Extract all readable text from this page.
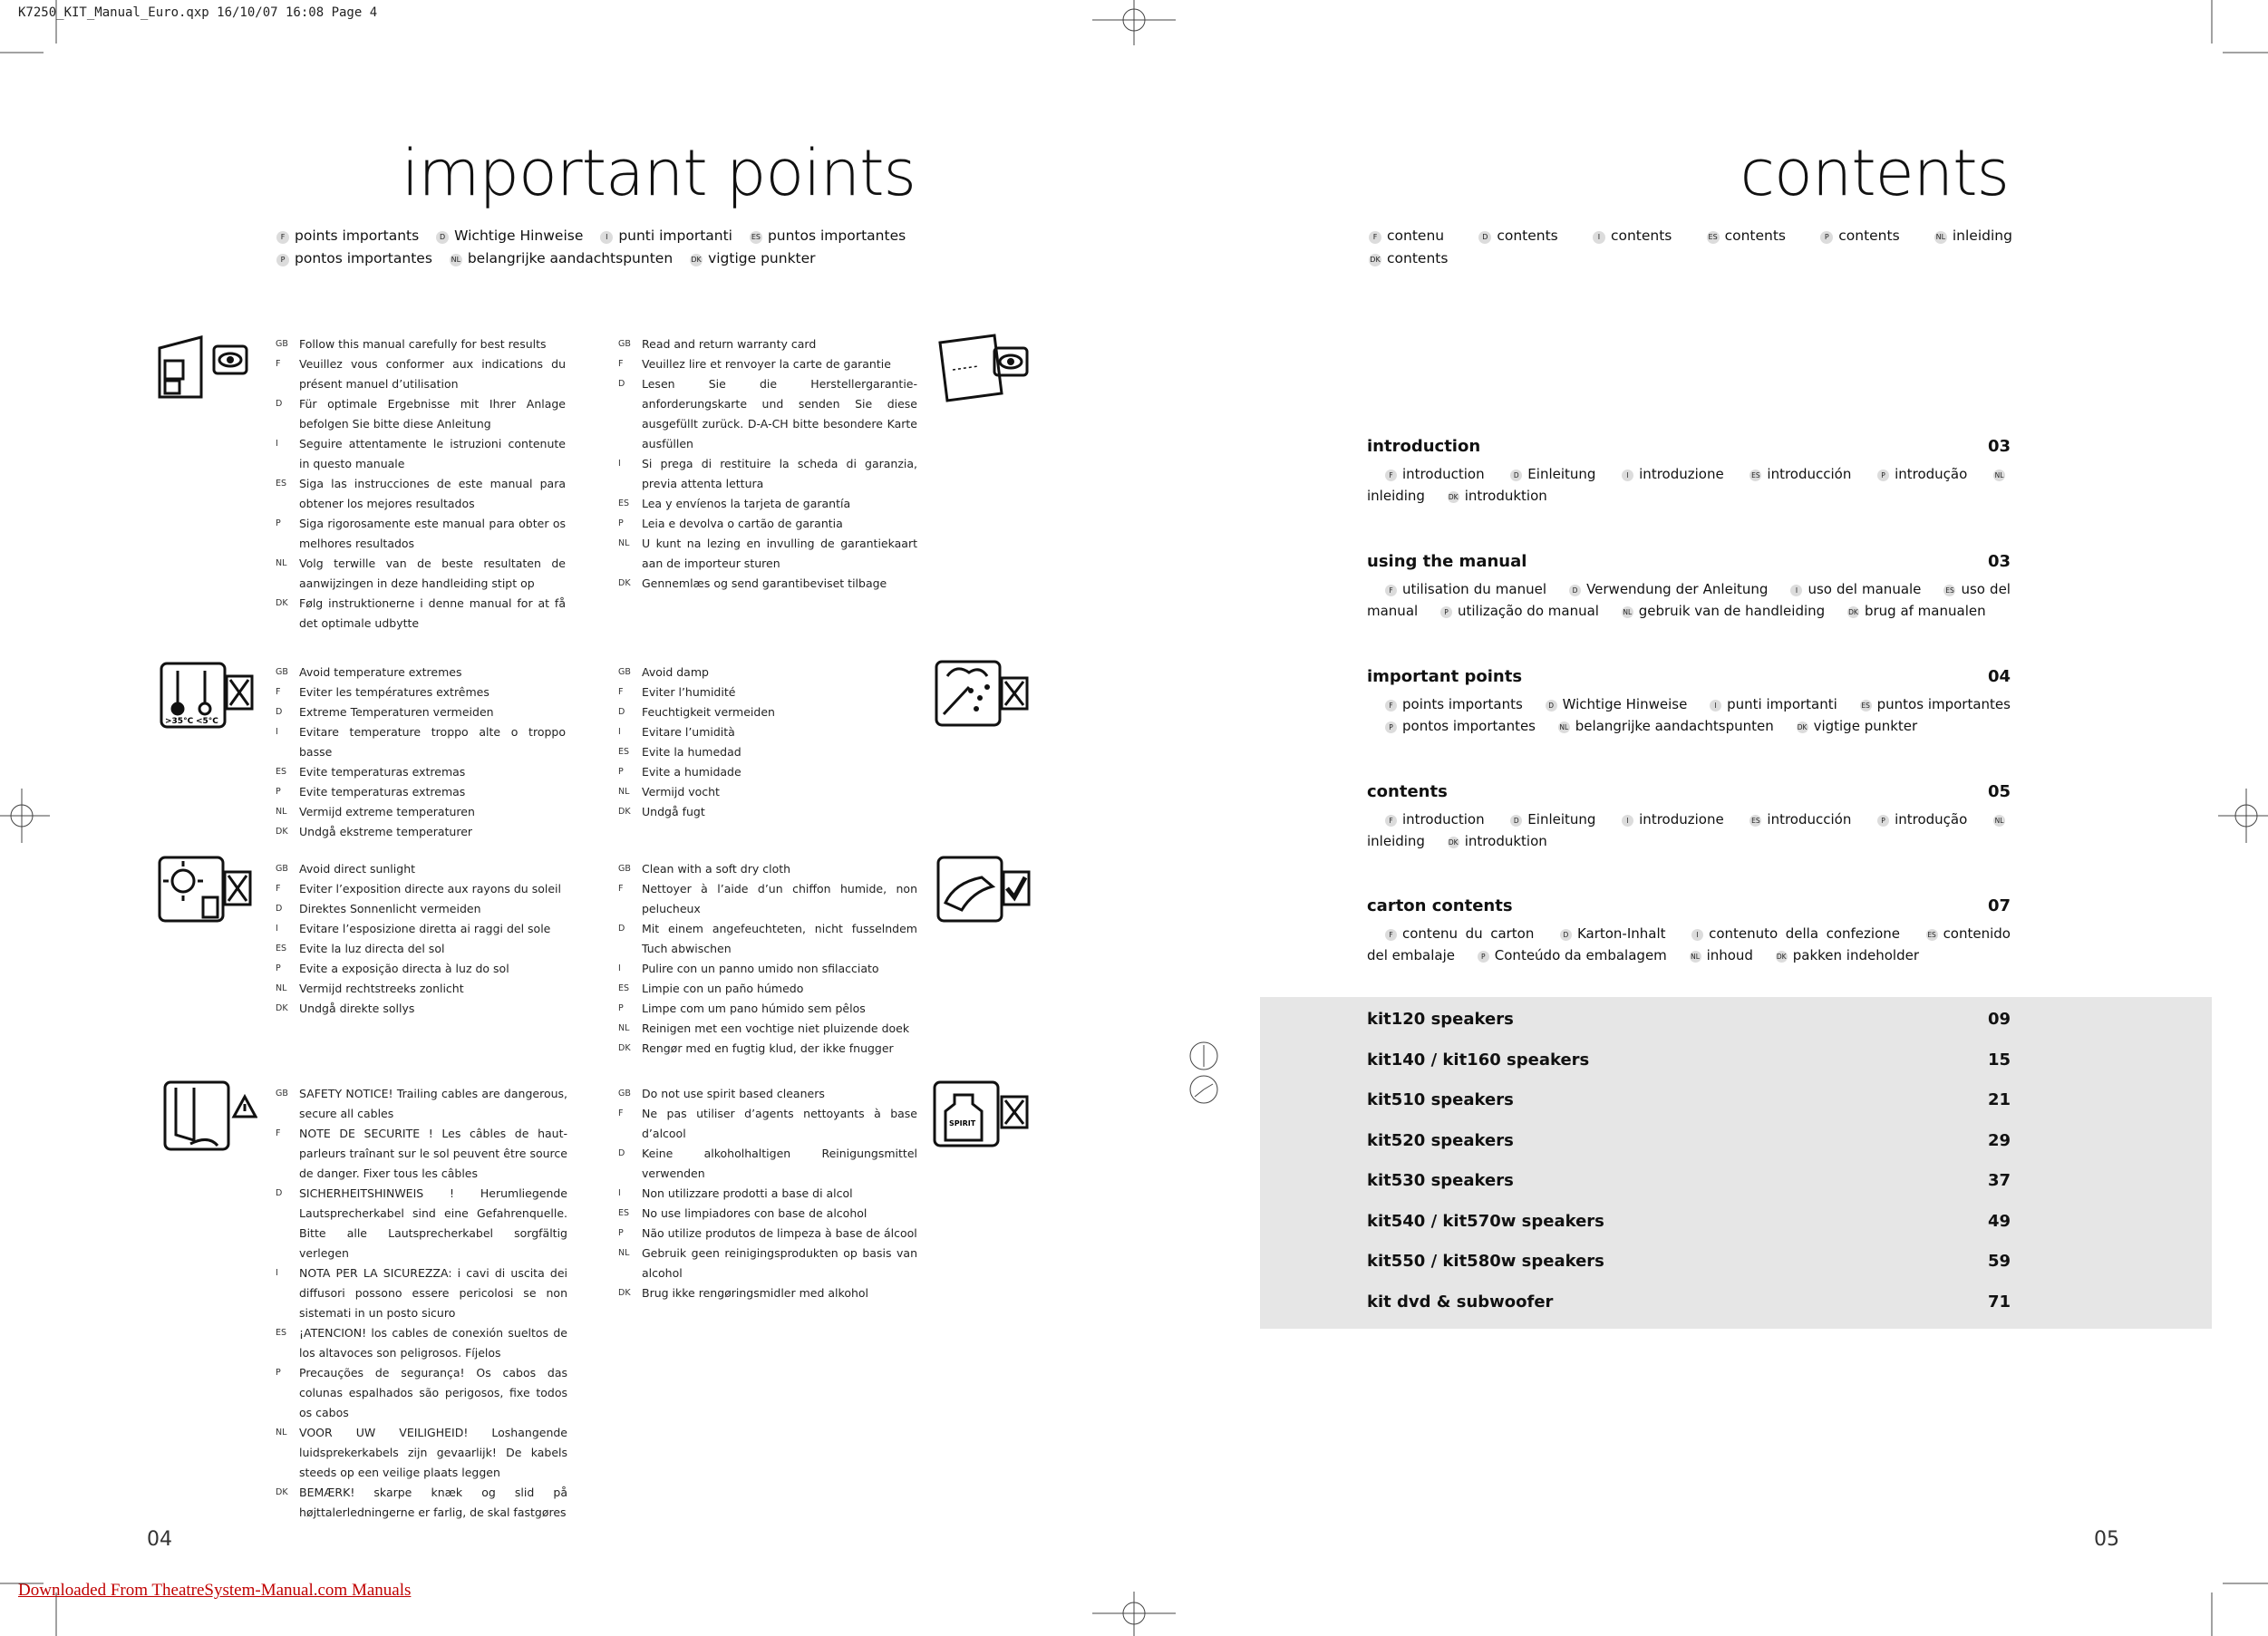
K7250_KIT_Manual_Euro.qxp 16/10/07 16:08 Page 4
important points
F points importants	D Wichtige Hinweise	I punti importanti	ES puntos importantes
P pontos importantes	NL belangrijke aandachtspunten	DK vigtige punkter
>35°C <5°C
SPIRIT
GB Follow this manual carefully for best results
F	Veuillez vous conformer aux indications du présent manuel d’utilisation
D	Für optimale Ergebnisse mit Ihrer Anlage befolgen Sie bitte diese Anleitung
I	Seguire attentamente le istruzioni contenute in questo manuale
ES	Siga las instrucciones de este manual para obtener los mejores resultados
P	Siga rigorosamente este manual para obter os melhores resultados
NL	Volg terwille van de beste resultaten de aanwijzingen in deze handleiding stipt op
DK Følg instruktionerne i denne manual for at få det optimale udbytte
GB Read and return warranty card
F	Veuillez lire et renvoyer la carte de garantie
D	Lesen Sie die Herstellergarantie-anforderungskarte und senden Sie diese ausgefüllt zurück. D-A-CH bitte besondere Karte ausfüllen
I	Si prega di restituire la scheda di garanzia, previa attenta lettura
ES	Lea y envíenos la tarjeta de garantía
P	Leia e devolva o cartão de garantia
NL	U kunt na lezing en invulling de garantiekaart aan de importeur sturen
DK Gennemlæs og send garantibeviset tilbage
GB Avoid temperature extremes
F	Eviter les températures extrêmes
D	Extreme Temperaturen vermeiden
I	Evitare temperature troppo alte o troppo basse
ES	Evite temperaturas extremas
P	Evite temperaturas extremas
NL	Vermijd extreme temperaturen
DK Undgå ekstreme temperaturer
GB Avoid damp
F	Eviter l’humidité
D	Feuchtigkeit vermeiden
I	Evitare l’umidità
ES	Evite la humedad
P	Evite a humidade
NL	Vermijd vocht
DK Undgå fugt
GB Avoid direct sunlight
F	Eviter l’exposition directe aux rayons du soleil
D	Direktes Sonnenlicht vermeiden
I	Evitare l’esposizione diretta ai raggi del sole
ES	Evite la luz directa del sol
P	Evite a exposição directa à luz do sol
NL	Vermijd rechtstreeks zonlicht
DK Undgå direkte sollys
GB Clean with a soft dry cloth
F	Nettoyer à l’aide d’un chiffon humide, non pelucheux
D	Mit einem angefeuchteten, nicht fusselndem Tuch abwischen
I	Pulire con un panno umido non sfilacciato
ES	Limpie con un paño húmedo
P	Limpe com um pano húmido sem pêlos
NL	Reinigen met een vochtige niet pluizende doek
DK Rengør med en fugtig klud, der ikke fnugger
GB SAFETY NOTICE! Trailing cables are dangerous, secure all cables
F	NOTE DE SECURITE ! Les câbles de haut-parleurs traînant sur le sol peuvent être source de danger. Fixer tous les câbles
D	SICHERHEITSHINWEIS ! Herumliegende Lautsprecherkabel sind eine Gefahrenquelle. Bitte alle Lautsprecherkabel sorgfältig verlegen
I	NOTA PER LA SICUREZZA: i cavi di uscita dei diffusori possono essere pericolosi se non sistemati in un posto sicuro
ES	¡ATENCION! los cables de conexión sueltos de los altavoces son peligrosos. Fíjelos
P	Precauções de segurança! Os cabos das colunas espalhados são perigosos, fixe todos os cabos
NL	VOOR UW VEILIGHEID! Loshangende luidsprekerkabels zijn gevaarlijk! De kabels steeds op een veilige plaats leggen
DK BEMÆRK! skarpe knæk og slid på højttalerledningerne er farlig, de skal fastgøres
GB Do not use spirit based cleaners
F	Ne pas utiliser d’agents nettoyants à base d’alcool
D	Keine alkoholhaltigen Reinigungsmittel verwenden
I	Non utilizzare prodotti a base di alcol
ES	No use limpiadores con base de alcohol
P	Não utilize produtos de limpeza à base de álcool
NL	Gebruik geen reinigingsprodukten op basis van alcohol
DK Brug ikke rengøringsmidler med alkohol
04
contents
F contenu	D contents	I contents	ES contents	P contents	NL inleiding
DK contents
introduction	03
F introduction	D Einleitung	I introduzione	ES introducción	P introdução	NLinleiding	DK introduktion
using the manual	03
F utilisation du manuel	D Verwendung der Anleitung	I uso del manuale	ES uso del manual	P utilização do manual	NL gebruik van de handleiding	DK brug af manualen
important points	04
F points importants	D Wichtige Hinweise	I punti importanti	ES puntos importantes P pontos importantes	NL belangrijke aandachtspunten	DK vigtige punkter
contents	05
F introduction	D Einleitung	I introduzione	ES introducción	P introdução	NLinleiding	DK introduktion
carton contents	07
F contenu du carton	D Karton-Inhalt	I contenuto della confezione	ES contenido del embalaje	P Conteúdo da embalagem	NL inhoud	DK pakken indeholder
kit120 speakers	09
kit140 / kit160 speakers	15
kit510 speakers	21
kit520 speakers	29
kit530 speakers	37
kit540 / kit570w speakers	49
kit550 / kit580w speakers	59
kit dvd & subwoofer	71
05
Downloaded From TheatreSystem-Manual.com Manuals
